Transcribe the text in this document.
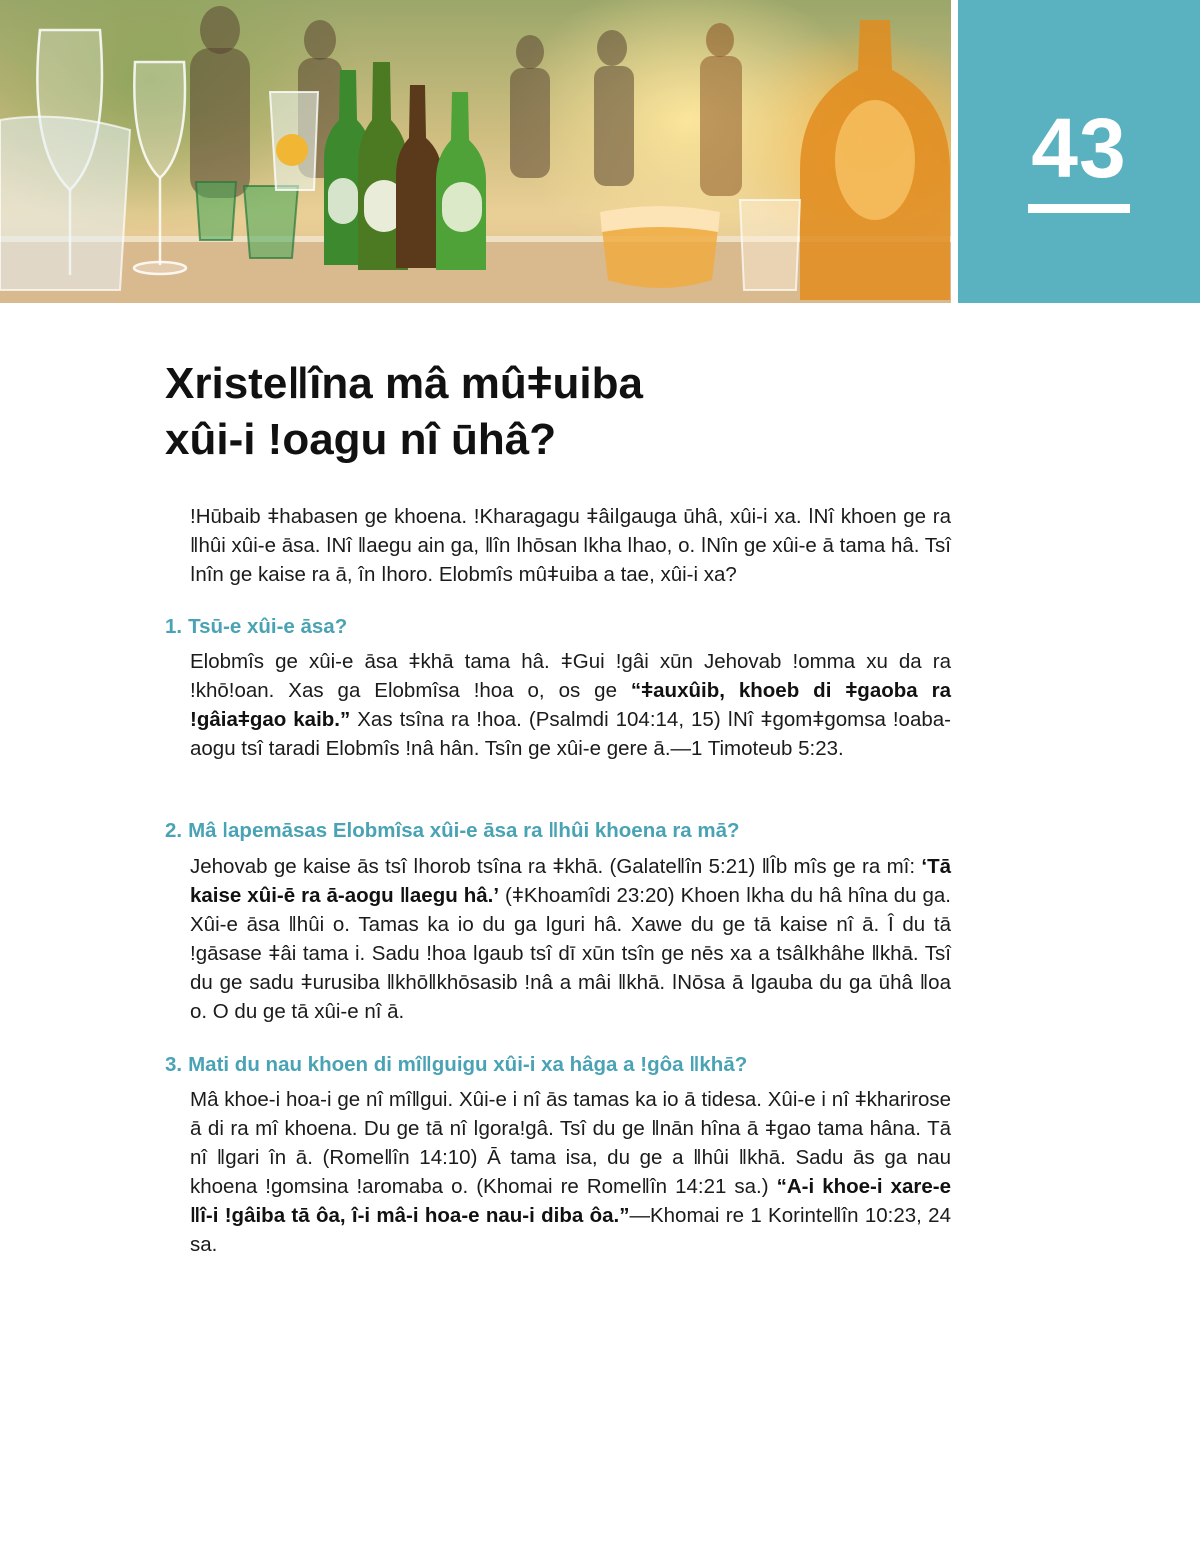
43
Xristeǁîna mâ mûǂuiba
xûi-i ǃoagu nî ūhâ?

ǃHūbaib ǂhabasen ge khoena. ǃKharagagu ǂâiǀgauga ūhâ, xûi-i xa. ǀNî khoen ge ra ǁhûi xûi-e āsa. ǀNî ǁaegu ain ga, ǁîn ǀhōsan ǀkha ǀhao, o. ǀNîn ge xûi-e ā tama hâ. Tsî ǀnîn ge kaise ra ā, în ǀhoro. Elobmîs mûǂuiba a tae, xûi-i xa?

1. Tsū-e xûi-e āsa?

Elobmîs ge xûi-e āsa ǂkhā tama hâ. ǂGui ǃgâi xūn Jehovab ǃomma xu da ra ǃkhōǃoan. Xas ga Elobmîsa ǃhoa o, os ge “ǂauxûib, khoeb di ǂgaoba ra ǃgâiaǂgao kaib.” Xas tsîna ra ǃhoa. (Psalmdi 104:14, 15) ǀNî ǂgomǂgomsa ǃoaba-aogu tsî taradi Elobmîs ǃnâ hân. Tsîn ge xûi-e gere ā.—1 Timoteub 5:23.

2. Mâ ǀapemāsas Elobmîsa xûi-e āsa ra ǁhûi khoena ra mā?

Jehovab ge kaise ās tsî ǀhorob tsîna ra ǂkhā. (Galateǁîn 5:21) ǁÎb mîs ge ra mî: ‘Tā kaise xûi-ē ra ā-aogu ǁaegu hâ.’ (ǂKhoamîdi 23:20) Khoen ǀkha du hâ hîna du ga. Xûi-e āsa ǁhûi o. Tamas ka io du ga ǀguri hâ. Xawe du ge tā kaise nî ā. Î du tā ǃgāsase ǂâi tama i. Sadu ǃhoa ǀgaub tsî dī xūn tsîn ge nēs xa a tsâǀkhâhe ǁkhā. Tsî du ge sadu ǂurusiba ǁkhōǁkhōsasib ǃnâ a mâi ǁkhā. ǀNōsa ā ǀgauba du ga ūhâ ǁoa o. O du ge tā xûi-e nî ā.

3. Mati du nau khoen di mîǁguigu xûi-i xa hâga a ǃgôa ǁkhā?

Mâ khoe-i hoa-i ge nî mîǁgui. Xûi-e i nî ās tamas ka io ā tidesa. Xûi-e i nî ǂkharirose ā di ra mî khoena. Du ge tā nî ǀgoraǃgâ. Tsî du ge ǁnān hîna ā ǂgao tama hâna. Tā nî ǁgari în ā. (Romeǁîn 14:10) Ā tama isa, du ge a ǁhûi ǁkhā. Sadu ās ga nau khoena ǃgomsina ǃaromaba o. (Khomai re Romeǁîn 14:21 sa.) “A-i khoe-i xare-e ǁî-i ǃgâiba tā ôa, î-i mâ-i hoa-e nau-i diba ôa.”—Khomai re 1 Korinteǁîn 10:23, 24 sa.
